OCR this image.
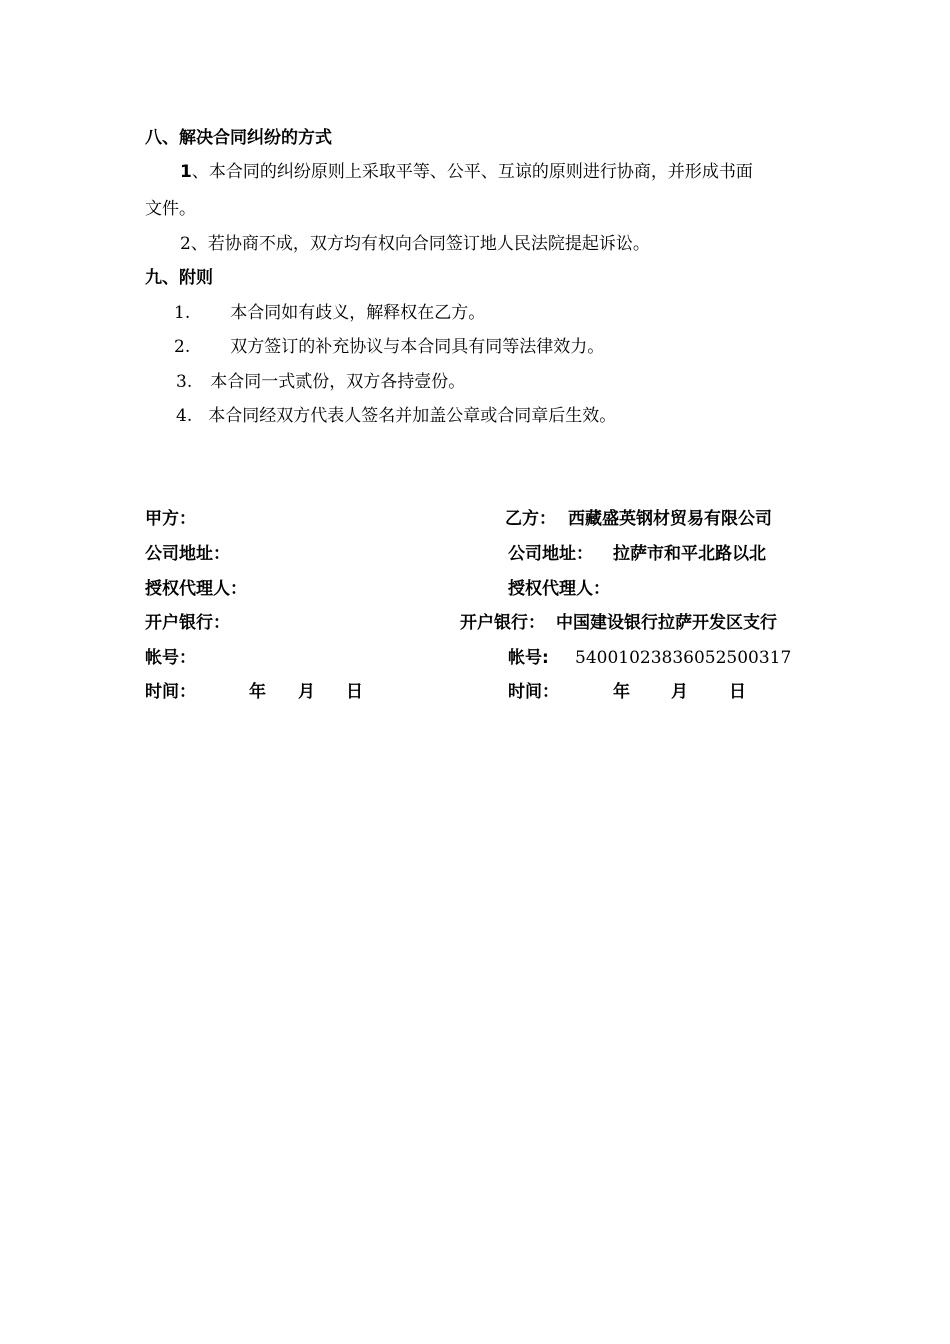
八、解决合同纠纷的方式
1、本合同的纠纷原则上采取平等、公平、互谅的原则进行协商，并形成书面
文件。
2、若协商不成，双方均有权向合同签订地人民法院提起诉讼。
九、附则
1. 本合同如有歧义，解释权在乙方。
2. 双方签订的补充协议与本合同具有同等法律效力。
3. 本合同一式贰份，双方各持壹份。
4. 本合同经双方代表人签名并加盖公章或合同章后生效。
甲方：
公司地址：
授权代理人：
开户银行：
帐号：
时间：	年 月 日
乙方： 西藏盛英钢材贸易有限公司
公司地址： 拉萨市和平北路以北
授权代理人：
开户银行： 中国建设银行拉萨开发区支行
帐号: 54001023836052500317
时间：	年 月 日
